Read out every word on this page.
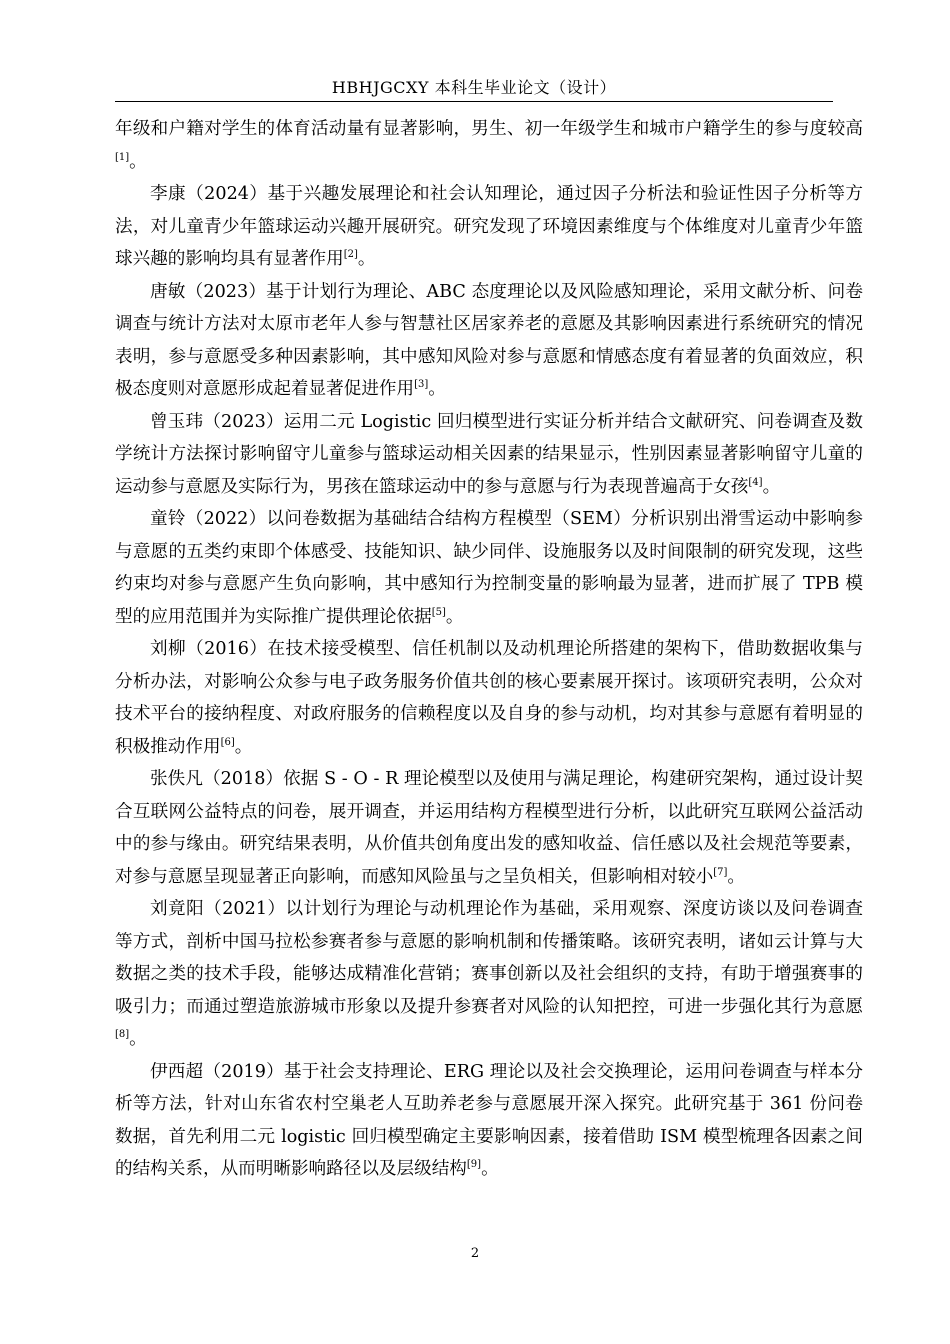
HBHJGCXY 本科生毕业论文（设计）

年级和户籍对学生的体育活动量有显著影响，男生、初一年级学生和城市户籍学生的参与度较高[1]。

李康（2024）基于兴趣发展理论和社会认知理论，通过因子分析法和验证性因子分析等方法，对儿童青少年篮球运动兴趣开展研究。研究发现了环境因素维度与个体维度对儿童青少年篮球兴趣的影响均具有显著作用[2]。

唐敏（2023）基于计划行为理论、ABC 态度理论以及风险感知理论，采用文献分析、问卷调查与统计方法对太原市老年人参与智慧社区居家养老的意愿及其影响因素进行系统研究的情况表明，参与意愿受多种因素影响，其中感知风险对参与意愿和情感态度有着显著的负面效应，积极态度则对意愿形成起着显著促进作用[3]。

曾玉玮（2023）运用二元 Logistic 回归模型进行实证分析并结合文献研究、问卷调查及数学统计方法探讨影响留守儿童参与篮球运动相关因素的结果显示，性别因素显著影响留守儿童的运动参与意愿及实际行为，男孩在篮球运动中的参与意愿与行为表现普遍高于女孩[4]。

童铃（2022）以问卷数据为基础结合结构方程模型（SEM）分析识别出滑雪运动中影响参与意愿的五类约束即个体感受、技能知识、缺少同伴、设施服务以及时间限制的研究发现，这些约束均对参与意愿产生负向影响，其中感知行为控制变量的影响最为显著，进而扩展了 TPB 模型的应用范围并为实际推广提供理论依据[5]。

刘柳（2016）在技术接受模型、信任机制以及动机理论所搭建的架构下，借助数据收集与分析办法，对影响公众参与电子政务服务价值共创的核心要素展开探讨。该项研究表明，公众对技术平台的接纳程度、对政府服务的信赖程度以及自身的参与动机，均对其参与意愿有着明显的积极推动作用[6]。

张佚凡（2018）依据 S - O - R 理论模型以及使用与满足理论，构建研究架构，通过设计契合互联网公益特点的问卷，展开调查，并运用结构方程模型进行分析，以此研究互联网公益活动中的参与缘由。研究结果表明，从价值共创角度出发的感知收益、信任感以及社会规范等要素，对参与意愿呈现显著正向影响，而感知风险虽与之呈负相关，但影响相对较小[7]。

刘竟阳（2021）以计划行为理论与动机理论作为基础，采用观察、深度访谈以及问卷调查等方式，剖析中国马拉松参赛者参与意愿的影响机制和传播策略。该研究表明，诸如云计算与大数据之类的技术手段，能够达成精准化营销；赛事创新以及社会组织的支持，有助于增强赛事的吸引力；而通过塑造旅游城市形象以及提升参赛者对风险的认知把控，可进一步强化其行为意愿[8]。

伊西超（2019）基于社会支持理论、ERG 理论以及社会交换理论，运用问卷调查与样本分析等方法，针对山东省农村空巢老人互助养老参与意愿展开深入探究。此研究基于 361 份问卷数据，首先利用二元 logistic 回归模型确定主要影响因素，接着借助 ISM 模型梳理各因素之间的结构关系，从而明晰影响路径以及层级结构[9]。

2
